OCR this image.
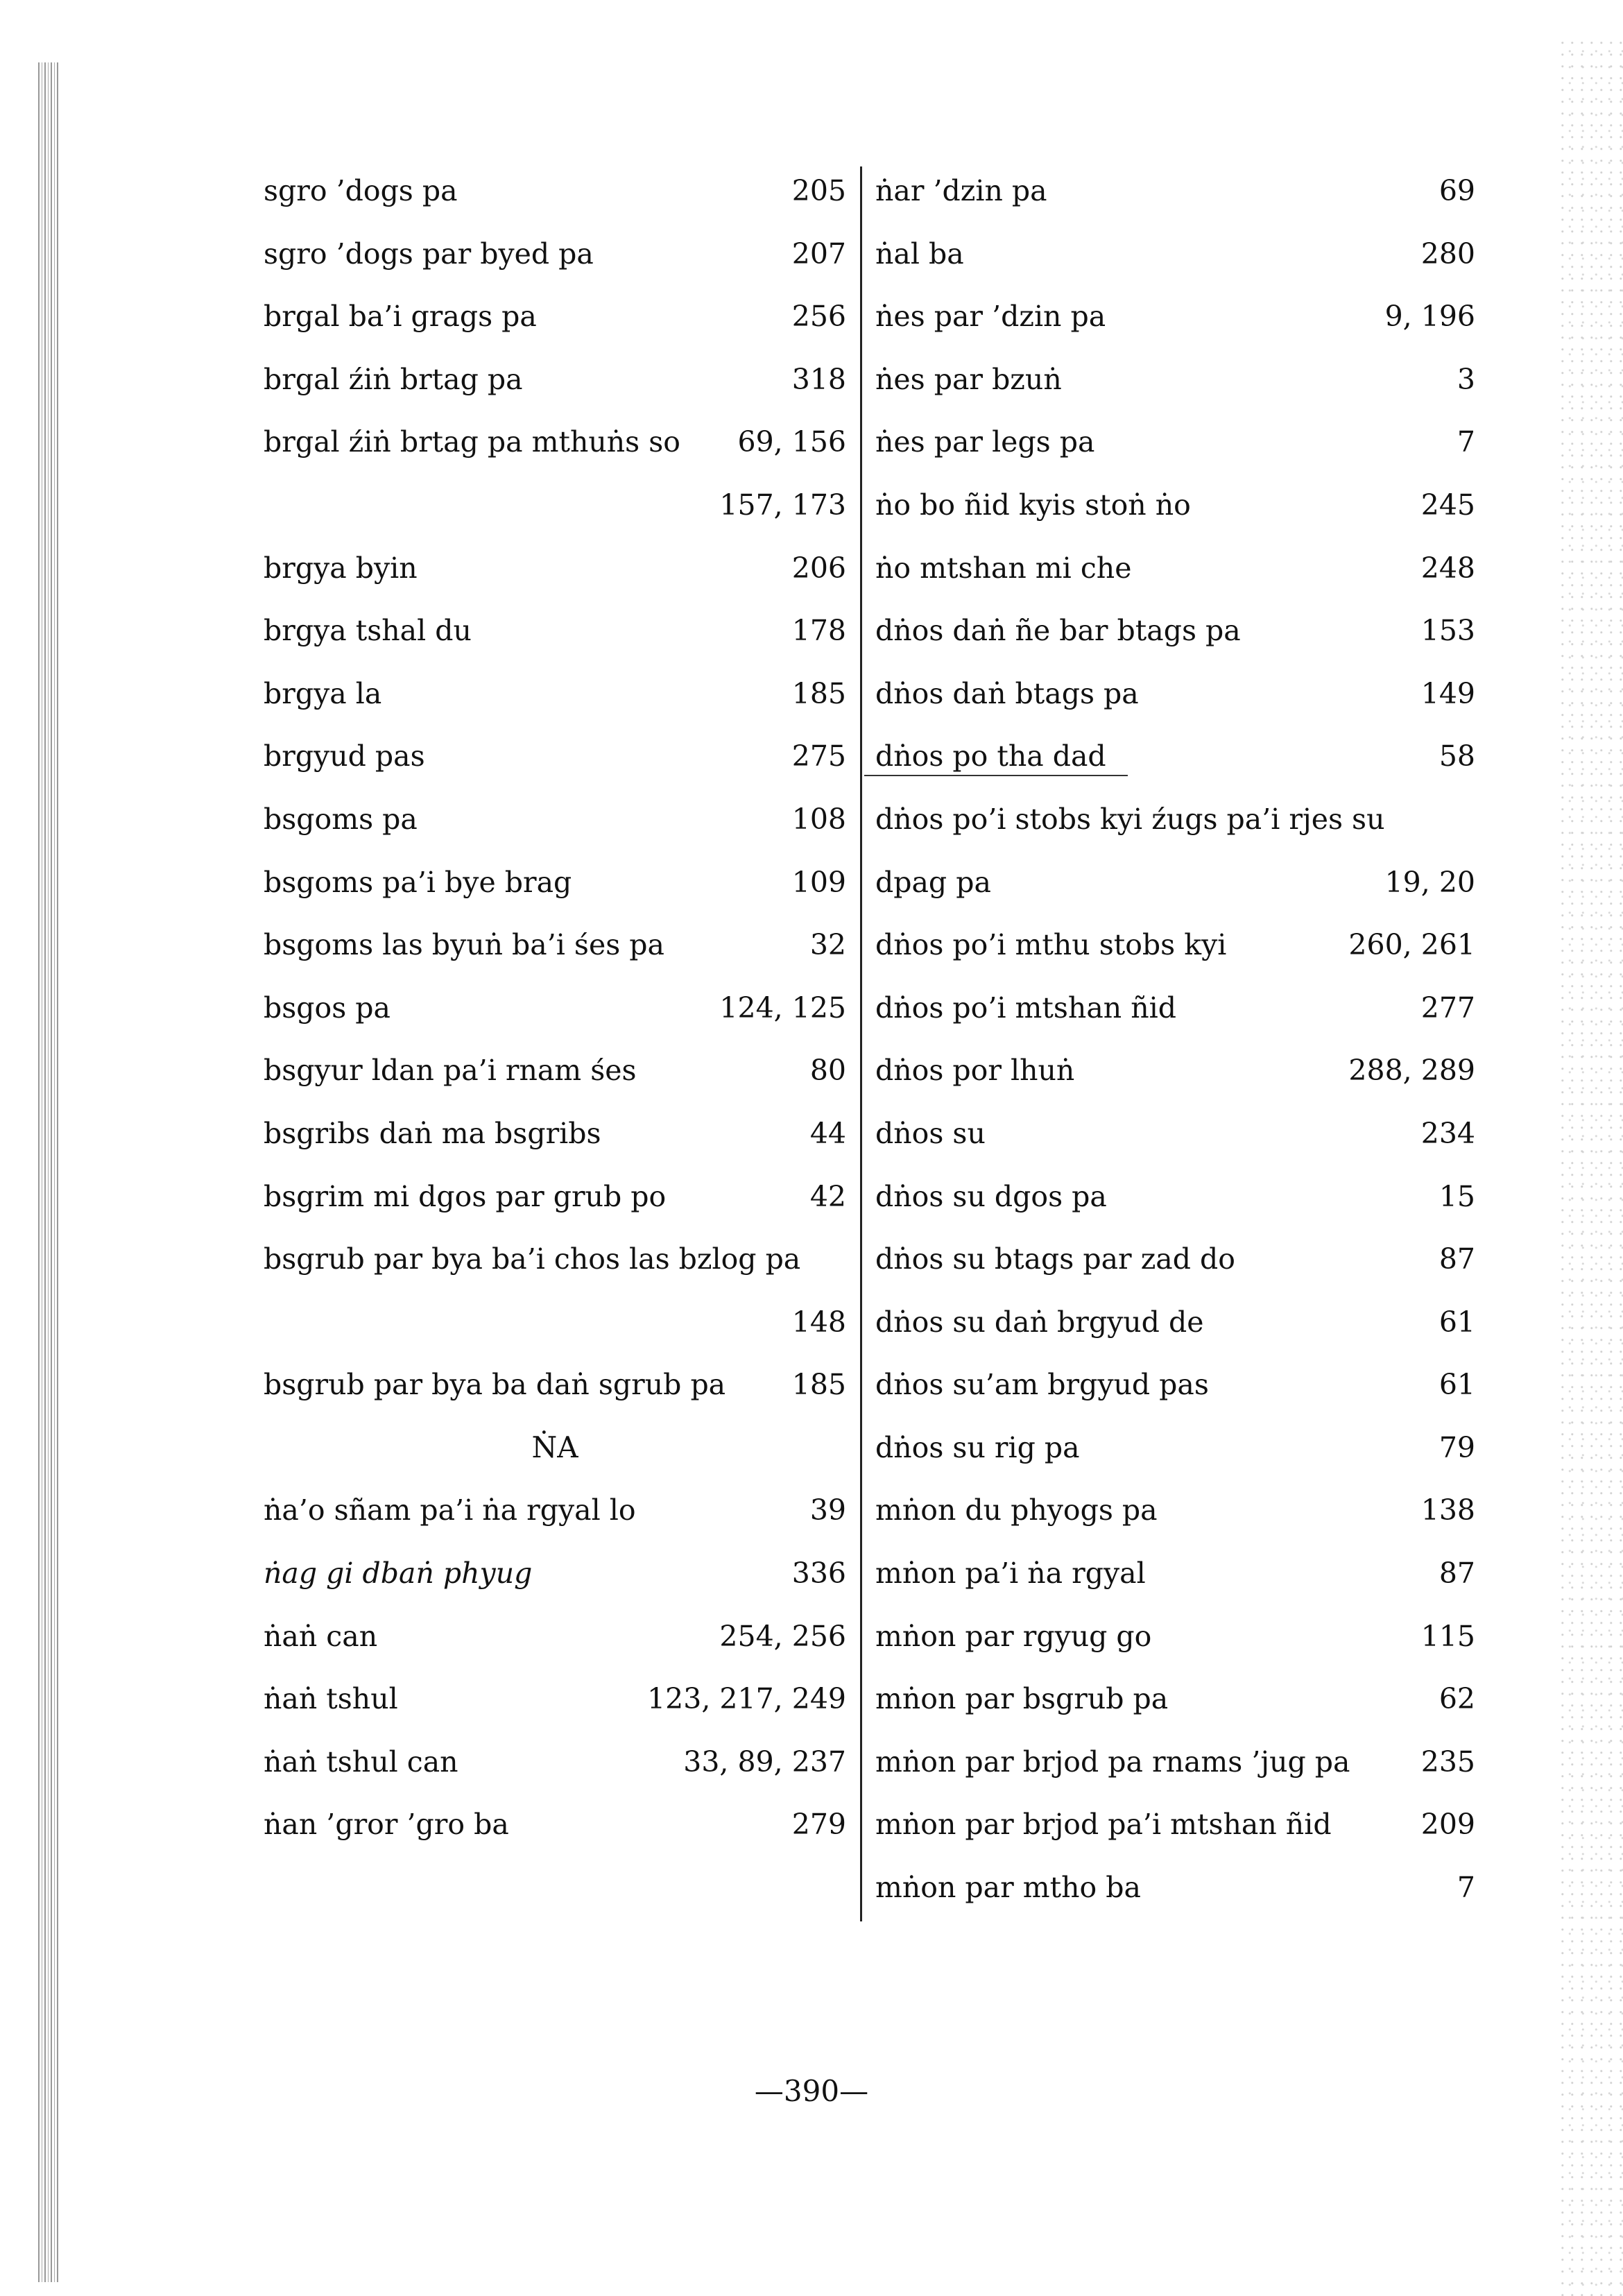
sgro ’dogs pa	205
sgro ’dogs par byed pa	207
brgal ba’i grags pa	256
brgal źiṅ brtag pa	318
brgal źiṅ brtag pa mthuṅs so 69, 156
157, 173
brgya byin	206
brgya tshal du	178
brgya la	185
brgyud pas	275
bsgoms pa	108
bsgoms pa’i bye brag	109
bsgoms las byuṅ ba’i śes pa	32
bsgos pa	124, 125
bsgyur ldan pa’i rnam śes	80
bsgribs daṅ ma bsgribs	44
bsgrim mi dgos par grub po	42
bsgrub par bya ba’i chos las bzlog pa
148
bsgrub par bya ba daṅ sgrub pa 185
ṄA
ṅa’o sñam pa’i ṅa rgyal lo	39
ṅag gi dbaṅ phyug	336
ṅaṅ can	254, 256
ṅaṅ tshul	123, 217, 249
ṅaṅ tshul can	33, 89, 237
ṅan ’gror ’gro ba	279
ṅar ’dzin pa	69
ṅal ba	280
ṅes par ’dzin pa	9, 196
ṅes par bzuṅ	3
ṅes par legs pa	7
ṅo bo ñid kyis stoṅ ṅo	245
ṅo mtshan mi che	248
dṅos daṅ ñe bar btags pa	153
dṅos daṅ btags pa	149
dṅos po tha dad	58
dṅos po’i stobs kyi źugs pa’i rjes su
dpag pa	19, 20
dṅos po’i mthu stobs kyi	260, 261
dṅos po’i mtshan ñid	277
dṅos por lhuṅ	288, 289
dṅos su	234
dṅos su dgos pa	15
dṅos su btags par zad do	87
dṅos su daṅ brgyud de	61
dṅos su’am brgyud pas	61
dṅos su rig pa	79
mṅon du phyogs pa	138
mṅon pa’i ṅa rgyal	87
mṅon par rgyug go	115
mṅon par bsgrub pa	62
mṅon par brjod pa rnams ’jug pa 235
mṅon par brjod pa’i mtshan ñid	209
mṅon par mtho ba	7
—390—
